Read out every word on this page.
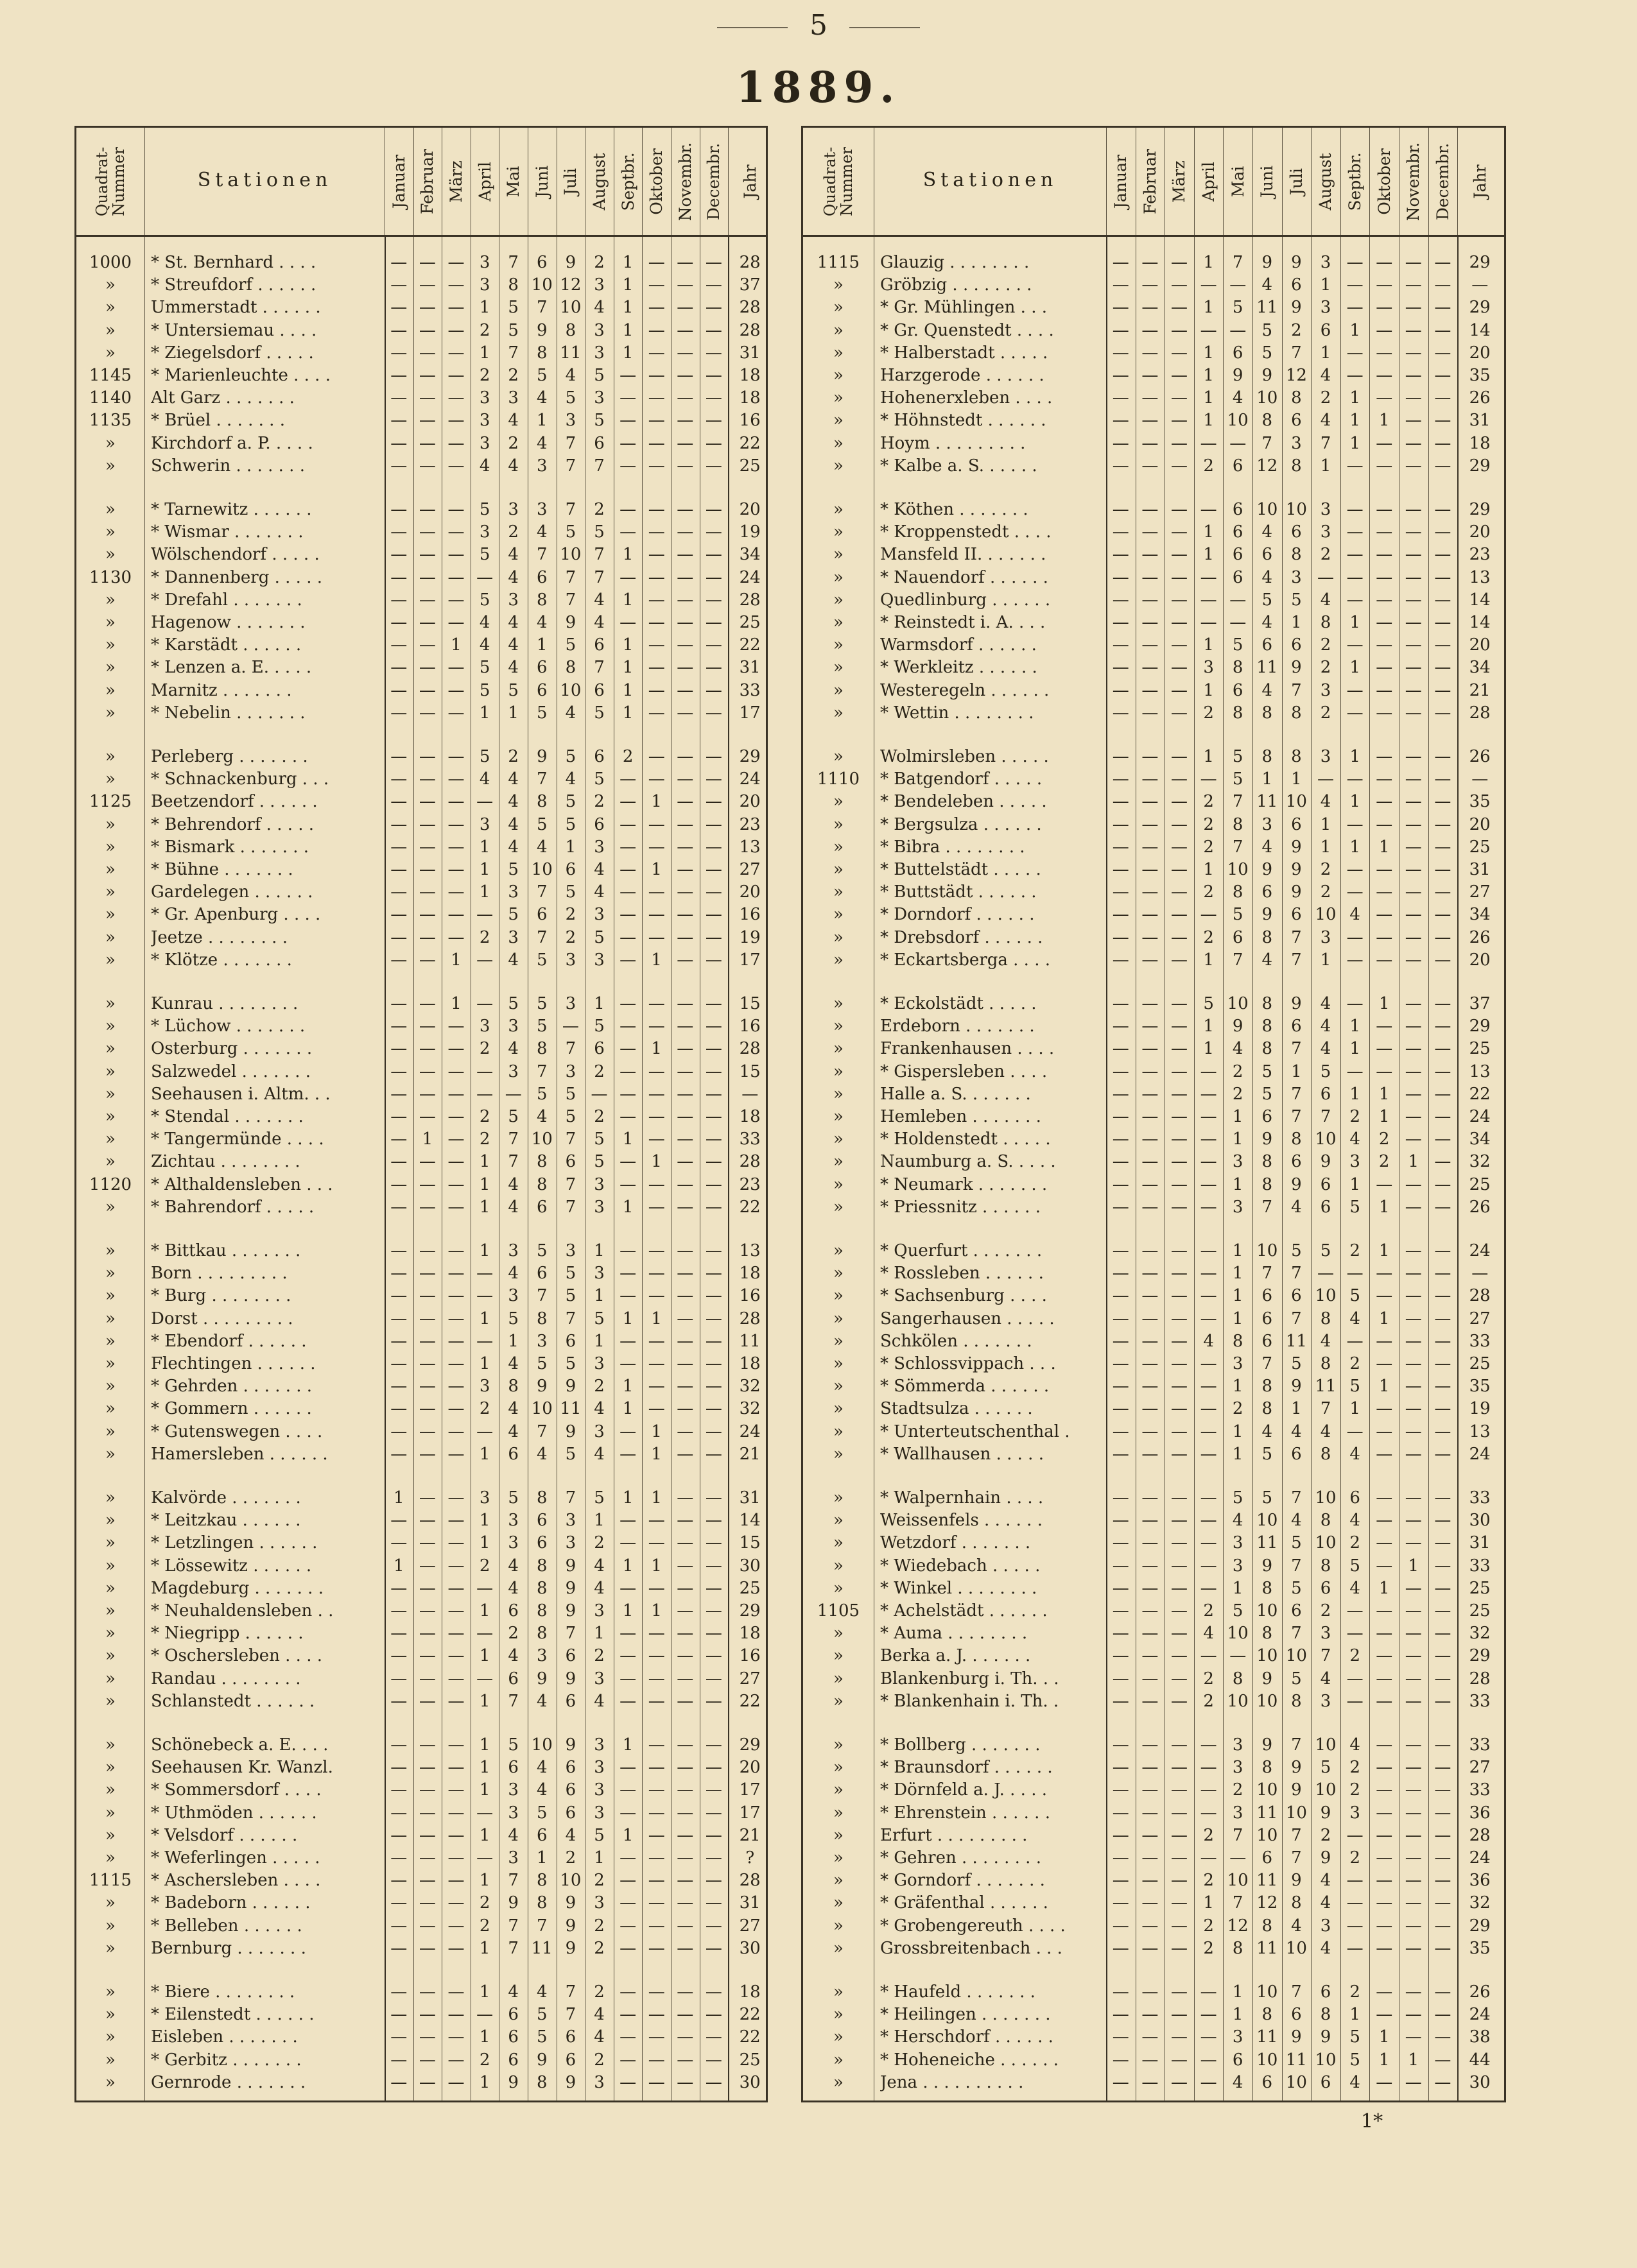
5
1889.
Quadrat-
Nummer	Stationen	Januar Februar März April Mai Juni Juli August Septbr. Oktober Novembr. Decembr. Jahr
1000	* St. Bernhard . . . .	— — — 3	7	6	9	2	1 — — —	28
»	* Streufdorf . . . . . .	— — — 3	8 10 12 3	1 — — —	37
»	Ummerstadt . . . . . .	— — — 1	5	7 10 4	1 — — —	28
»	* Untersiemau . . . .	— — — 2	5	9	8	3	1 — — —	28
»	* Ziegelsdorf . . . . .	— — — 1	7	8 11 3	1 — — —	31
1145	* Marienleuchte . . . .	— — — 2	2	5	4	5 — — — —	18
1140	Alt Garz . . . . . . .	— — — 3	3	4	5	3 — — — —	18
1135	* Brüel . . . . . . .	— — — 3	4	1	3	5 — — — —	16
»	Kirchdorf a. P. . . . .	— — — 3	2	4	7	6 — — — —	22
»	Schwerin . . . . . . .	— — — 4	4	3	7	7 — — — —	25
»	* Tarnewitz . . . . . .	— — — 5	3	3	7	2 — — — —	20
»	* Wismar . . . . . . .	— — — 3	2	4	5	5 — — — —	19
»	Wölschendorf . . . . .	— — — 5	4	7 10 7	1 — — —	34
1130	* Dannenberg . . . . .	— — — — 4	6	7	7 — — — —	24
»	* Drefahl . . . . . . .	— — — 5	3	8	7	4	1 — — —	28
»	Hagenow . . . . . . .	— — — 4	4	4	9	4 — — — —	25
»	* Karstädt . . . . . .	— — 1	4	4	1	5	6	1 — — —	22
»	* Lenzen a. E. . . . .	— — — 5	4	6	8	7	1 — — —	31
»	Marnitz . . . . . . .	— — — 5	5	6 10 6	1 — — —	33
»	* Nebelin . . . . . . .	— — — 1	1	5	4	5	1 — — —	17
»	Perleberg . . . . . . .	— — — 5	2	9	5	6	2 — — —	29
»	* Schnackenburg . . .	— — — 4	4	7	4	5 — — — —	24
1125	Beetzendorf . . . . . .	— — — — 4	8	5	2 — 1 — —	20
»	* Behrendorf . . . . .	— — — 3	4	5	5	6 — — — —	23
»	* Bismark . . . . . . .	— — — 1	4	4	1	3 — — — —	13
»	* Bühne . . . . . . .	— — — 1	5 10 6	4 — 1 — —	27
»	Gardelegen . . . . . .	— — — 1	3	7	5	4 — — — —	20
»	* Gr. Apenburg . . . .	— — — — 5	6	2	3 — — — —	16
»	Jeetze . . . . . . . .	— — — 2	3	7	2	5 — — — —	19
»	* Klötze . . . . . . .	— — 1 — 4	5	3	3 — 1 — —	17
»	Kunrau . . . . . . . .	— — 1 — 5	5	3	1 — — — —	15
»	* Lüchow . . . . . . .	— — — 3	3	5 — 5 — — — —	16
»	Osterburg . . . . . . .	— — — 2	4	8	7	6 — 1 — —	28
»	Salzwedel . . . . . . .	— — — — 3	7	3	2 — — — —	15
»	Seehausen i. Altm. . .	— — — — — 5	5 — — — — —	—
»	* Stendal . . . . . . .	— — — 2	5	4	5	2 — — — —	18
»	* Tangermünde . . . .	— 1 — 2	7 10 7	5	1 — — —	33
»	Zichtau . . . . . . . .	— — — 1	7	8	6	5 — 1 — —	28
1120	* Althaldensleben . . .	— — — 1	4	8	7	3 — — — —	23
»	* Bahrendorf . . . . .	— — — 1	4	6	7	3	1 — — —	22
»	* Bittkau . . . . . . .	— — — 1	3	5	3	1 — — — —	13
»	Born . . . . . . . . .	— — — — 4	6	5	3 — — — —	18
»	* Burg . . . . . . . .	— — — — 3	7	5	1 — — — —	16
»	Dorst . . . . . . . . .	— — — 1	5	8	7	5	1	1 — —	28
»	* Ebendorf . . . . . .	— — — — 1	3	6	1 — — — —	11
»	Flechtingen . . . . . .	— — — 1	4	5	5	3 — — — —	18
»	* Gehrden . . . . . . .	— — — 3	8	9	9	2	1 — — —	32
»	* Gommern . . . . . .	— — — 2	4 10 11 4	1 — — —	32
»	* Gutenswegen . . . .	— — — — 4	7	9	3 — 1 — —	24
»	Hamersleben . . . . . .	— — — 1	6	4	5	4 — 1 — —	21
»	Kalvörde . . . . . . .	1 — — 3	5	8	7	5	1	1 — —	31
»	* Leitzkau . . . . . .	— — — 1	3	6	3	1 — — — —	14
»	* Letzlingen . . . . . .	— — — 1	3	6	3	2 — — — —	15
»	* Lössewitz . . . . . .	1 — — 2	4	8	9	4	1	1 — —	30
»	Magdeburg . . . . . . .	— — — — 4	8	9	4 — — — —	25
»	* Neuhaldensleben . .	— — — 1	6	8	9	3	1	1 — —	29
»	* Niegripp . . . . . .	— — — — 2	8	7	1 — — — —	18
»	* Oschersleben . . . .	— — — 1	4	3	6	2 — — — —	16
»	Randau . . . . . . . .	— — — — 6	9	9	3 — — — —	27
»	Schlanstedt . . . . . .	— — — 1	7	4	6	4 — — — —	22
»	Schönebeck a. E. . . .	— — — 1	5 10 9	3	1 — — —	29
»	Seehausen Kr. Wanzl.	— — — 1	6	4	6	3 — — — —	20
»	* Sommersdorf . . . .	— — — 1	3	4	6	3 — — — —	17
»	* Uthmöden . . . . . .	— — — — 3	5	6	3 — — — —	17
»	* Velsdorf . . . . . .	— — — 1	4	6	4	5	1 — — —	21
»	* Weferlingen . . . . .	— — — — 3	1	2	1 — — — —	?
1115	* Aschersleben . . . .	— — — 1	7	8 10 2 — — — —	28
»	* Badeborn . . . . . .	— — — 2	9	8	9	3 — — — —	31
»	* Belleben . . . . . .	— — — 2	7	7	9	2 — — — —	27
»	Bernburg . . . . . . .	— — — 1	7 11 9	2 — — — —	30
»	* Biere . . . . . . . .	— — — 1	4	4	7	2 — — — —	18
»	* Eilenstedt . . . . . .	— — — — 6	5	7	4 — — — —	22
»	Eisleben . . . . . . .	— — — 1	6	5	6	4 — — — —	22
»	* Gerbitz . . . . . . .	— — — 2	6	9	6	2 — — — —	25
»	Gernrode . . . . . . .	— — — 1	9	8	9	3 — — — —	30
Quadrat-
Nummer	Stationen	Januar Februar März April Mai Juni Juli August Septbr. Oktober Novembr. Decembr. Jahr
1115	Glauzig . . . . . . . .	— — — 1	7	9	9	3 — — — —	29
»	Gröbzig . . . . . . . .	— — — — — 4	6	1 — — — —	—
»	* Gr. Mühlingen . . .	— — — 1	5 11 9	3 — — — —	29
»	* Gr. Quenstedt . . . .	— — — — — 5	2	6	1 — — —	14
»	* Halberstadt . . . . .	— — — 1	6	5	7	1 — — — —	20
»	Harzgerode . . . . . .	— — — 1	9	9 12 4 — — — —	35
»	Hohenerxleben . . . .	— — — 1	4 10 8	2	1 — — —	26
»	* Höhnstedt . . . . . .	— — — 1 10 8	6	4	1	1 — —	31
»	Hoym . . . . . . . . .	— — — — — 7	3	7	1 — — —	18
»	* Kalbe a. S. . . . . .	— — — 2	6 12 8	1 — — — —	29
»	* Köthen . . . . . . .	— — — — 6 10 10 3 — — — —	29
»	* Kroppenstedt . . . .	— — — 1	6	4	6	3 — — — —	20
»	Mansfeld II. . . . . . .	— — — 1	6	6	8	2 — — — —	23
»	* Nauendorf . . . . . .	— — — — 6	4	3 — — — — —	13
»	Quedlinburg . . . . . .	— — — — — 5	5	4 — — — —	14
»	* Reinstedt i. A. . . .	— — — — — 4	1	8	1 — — —	14
»	Warmsdorf . . . . . .	— — — 1	5	6	6	2 — — — —	20
»	* Werkleitz . . . . . .	— — — 3	8 11 9	2	1 — — —	34
»	Westeregeln . . . . . .	— — — 1	6	4	7	3 — — — —	21
»	* Wettin . . . . . . . .	— — — 2	8	8	8	2 — — — —	28
»	Wolmirsleben . . . . .	— — — 1	5	8	8	3	1 — — —	26
1110	* Batgendorf . . . . .	— — — — 5	1	1 — — — — —	—
»	* Bendeleben . . . . .	— — — 2	7 11 10 4	1 — — —	35
»	* Bergsulza . . . . . .	— — — 2	8	3	6	1 — — — —	20
»	* Bibra . . . . . . . .	— — — 2	7	4	9	1	1	1 — —	25
»	* Buttelstädt . . . . .	— — — 1 10 9	9	2 — — — —	31
»	* Buttstädt . . . . . .	— — — 2	8	6	9	2 — — — —	27
»	* Dorndorf . . . . . .	— — — — 5	9	6 10 4 — — —	34
»	* Drebsdorf . . . . . .	— — — 2	6	8	7	3 — — — —	26
»	* Eckartsberga . . . .	— — — 1	7	4	7	1 — — — —	20
»	* Eckolstädt . . . . .	— — — 5 10 8	9	4 — 1 — —	37
»	Erdeborn . . . . . . .	— — — 1	9	8	6	4	1 — — —	29
»	Frankenhausen . . . .	— — — 1	4	8	7	4	1 — — —	25
»	* Gispersleben . . . .	— — — — 2	5	1	5 — — — —	13
»	Halle a. S. . . . . . .	— — — — 2	5	7	6	1	1 — —	22
»	Hemleben . . . . . . .	— — — — 1	6	7	7	2	1 — —	24
»	* Holdenstedt . . . . .	— — — — 1	9	8 10 4	2 — —	34
»	Naumburg a. S. . . . .	— — — — 3	8	6	9	3	2	1 —	32
»	* Neumark . . . . . . .	— — — — 1	8	9	6	1 — — —	25
»	* Priessnitz . . . . . .	— — — — 3	7	4	6	5	1 — —	26
»	* Querfurt . . . . . . .	— — — — 1 10 5	5	2	1 — —	24
»	* Rossleben . . . . . .	— — — — 1	7	7 — — — — —	—
»	* Sachsenburg . . . .	— — — — 1	6	6 10 5 — — —	28
»	Sangerhausen . . . . .	— — — — 1	6	7	8	4	1 — —	27
»	Schkölen . . . . . . .	— — — 4	8	6 11 4 — — — —	33
»	* Schlossvippach . . .	— — — — 3	7	5	8	2 — — —	25
»	* Sömmerda . . . . . .	— — — — 1	8	9 11 5	1 — —	35
»	Stadtsulza . . . . . .	— — — — 2	8	1	7	1 — — —	19
»	* Unterteutschenthal .	— — — — 1	4	4	4 — — — —	13
»	* Wallhausen . . . . .	— — — — 1	5	6	8	4 — — —	24
»	* Walpernhain . . . .	— — — — 5	5	7 10 6 — — —	33
»	Weissenfels . . . . . .	— — — — 4 10 4	8	4 — — —	30
»	Wetzdorf . . . . . . .	— — — — 3 11 5 10 2 — — —	31
»	* Wiedebach . . . . .	— — — — 3	9	7	8	5 — 1 —	33
»	* Winkel . . . . . . . .	— — — — 1	8	5	6	4	1 — —	25
1105	* Achelstädt . . . . . .	— — — 2	5 10 6	2 — — — —	25
»	* Auma . . . . . . . .	— — — 4 10 8	7	3 — — — —	32
»	Berka a. J. . . . . . .	— — — — — 10 10 7	2 — — —	29
»	Blankenburg i. Th. . .	— — — 2	8	9	5	4 — — — —	28
»	* Blankenhain i. Th. .	— — — 2 10 10 8	3 — — — —	33
»	* Bollberg . . . . . . .	— — — — 3	9	7 10 4 — — —	33
»	* Braunsdorf . . . . . .	— — — — 3	8	9	5	2 — — —	27
»	* Dörnfeld a. J. . . . .	— — — — 2 10 9 10 2 — — —	33
»	* Ehrenstein . . . . . .	— — — — 3 11 10 9	3 — — —	36
»	Erfurt . . . . . . . . .	— — — 2	7 10 7	2 — — — —	28
»	* Gehren . . . . . . . .	— — — — — 6	7	9	2 — — —	24
»	* Gorndorf . . . . . . .	— — — 2 10 11 9	4 — — — —	36
»	* Gräfenthal . . . . . .	— — — 1	7 12 8	4 — — — —	32
»	* Grobengereuth . . . .	— — — 2 12 8	4	3 — — — —	29
»	Grossbreitenbach . . .	— — — 2	8 11 10 4 — — — —	35
»	* Haufeld . . . . . . .	— — — — 1 10 7	6	2 — — —	26
»	* Heilingen . . . . . . .	— — — — 1	8	6	8	1 — — —	24
»	* Herschdorf . . . . . .	— — — — 3 11 9	9	5	1 — —	38
»	* Hoheneiche . . . . . .	— — — — 6 10 11 10 5	1	1 —	44
»	Jena . . . . . . . . . .	— — — — 4	6 10 6	4 — — —	30
1*
